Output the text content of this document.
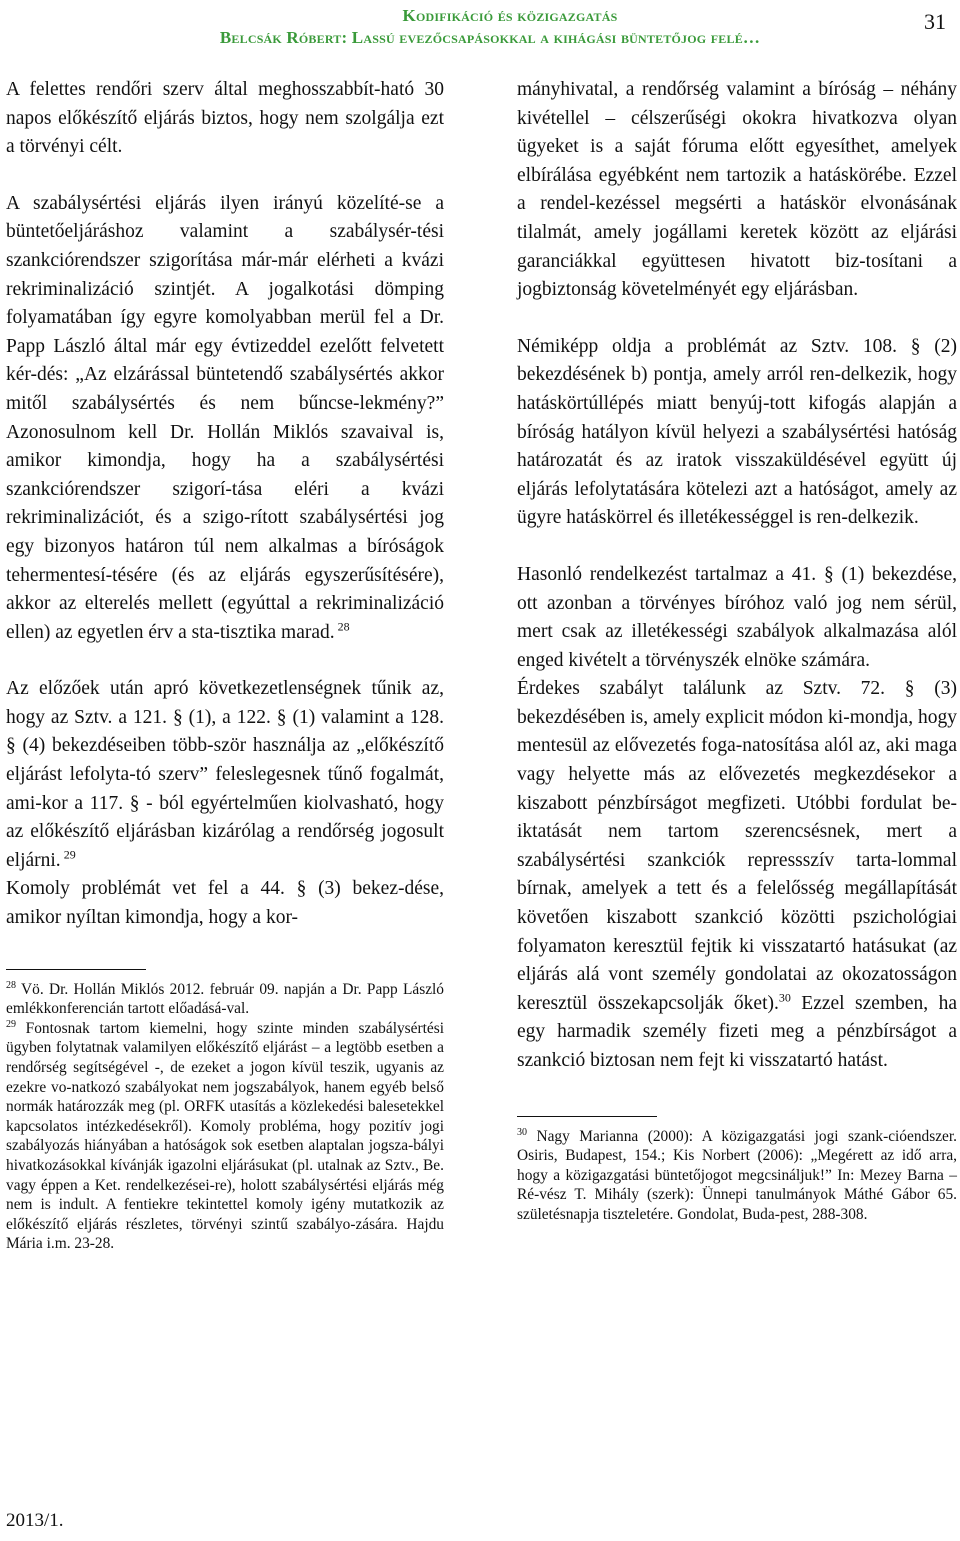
Kodifikáció és közigazgatás
Belcsák Róbert: Lassú evezőcsapásokkal a kihágási büntetőjog felé…
31

A felettes rendőri szerv által meghosszabbít-ható 30 napos előkészítő eljárás biztos, hogy nem szolgálja ezt a törvényi célt.

A szabálysértési eljárás ilyen irányú közelíté-se a büntetőeljáráshoz valamint a szabálysér-tési szankciórendszer szigorítása már-már elérheti a kvázi rekriminalizáció szintjét. A jogalkotási dömping folyamatában így egyre komolyabban merül fel a Dr. Papp László által már egy évtizeddel ezelőtt felvetett kér-dés: „Az elzárással büntetendő szabálysértés akkor mitől szabálysértés és nem bűncse-lekmény?” Azonosulnom kell Dr. Hollán Miklós szavaival is, amikor kimondja, hogy ha a szabálysértési szankciórendszer szigorí-tása eléri a kvázi rekriminalizációt, és a szigo-rított szabálysértési jog egy bizonyos határon túl nem alkalmas a bíróságok tehermentesí-tésére (és az eljárás egyszerűsítésére), akkor az elterelés mellett (egyúttal a rekriminalizáció ellen) az egyetlen érv a sta-tisztika marad. $^{28}$

Az előzőek után apró következetlenségnek tűnik az, hogy az Sztv. a 121. § (1), a 122. § (1) valamint a 128. § (4) bekezdéseiben több-ször használja az „előkészítő eljárást lefolyta-tó szerv” feleslegesnek tűnő fogalmát, ami-kor a 117. § - ból egyértelműen kiolvasható, hogy az előkészítő eljárásban kizárólag a rendőrség jogosult eljárni. $^{29}$

Komoly problémát vet fel a 44. § (3) bekez-dése, amikor nyíltan kimondja, hogy a kor-

$^{28}$ Vö. Dr. Hollán Miklós 2012. február 09. napján a Dr. Papp László emlékkonferencián tartott előadásá-val.

$^{29}$ Fontosnak tartom kiemelni, hogy szinte minden szabálysértési ügyben folytatnak valamilyen előkészítő eljárást – a legtöbb esetben a rendőrség segítségével -, de ezeket a jogon kívül teszik, ugyanis az ezekre vo-natkozó szabályokat nem jogszabályok, hanem egyéb belső normák határozzák meg (pl. ORFK utasítás a közlekedési balesetekkel kapcsolatos intézkedésekről). Komoly probléma, hogy pozitív jogi szabályozás hiányában a hatóságok sok esetben alaptalan jogsza-bályi hivatkozásokkal kívánják igazolni eljárásukat (pl. utalnak az Sztv., Be. vagy éppen a Ket. rendelkezései-re), holott szabálysértési eljárás még nem is indult. A fentiekre tekintettel komoly igény mutatkozik az előkészítő eljárás részletes, törvényi szintű szabályo-zására. Hajdu Mária i.m. 23-28.

2013/1.

mányhivatal, a rendőrség valamint a bíróság – néhány kivétellel – célszerűségi okokra hivatkozva olyan ügyeket is a saját fóruma előtt egyesíthet, amelyek elbírálása egyébként nem tartozik a hatáskörébe. Ezzel a rendel-kezéssel megsérti a hatáskör elvonásának tilalmát, amely jogállami keretek között az eljárási garanciákkal együttesen hivatott biz-tosítani a jogbiztonság követelményét egy eljárásban.

Némiképp oldja a problémát az Sztv. 108. § (2) bekezdésének b) pontja, amely arról ren-delkezik, hogy hatáskörtúllépés miatt benyúj-tott kifogás alapján a bíróság hatályon kívül helyezi a szabálysértési hatóság határozatát és az iratok visszaküldésével együtt új eljárás lefolytatására kötelezi azt a hatóságot, amely az ügyre hatáskörrel és illetékességgel is ren-delkezik.

Hasonló rendelkezést tartalmaz a 41. § (1) bekezdése, ott azonban a törvényes bíróhoz való jog nem sérül, mert csak az illetékességi szabályok alkalmazása alól enged kivételt a törvényszék elnöke számára.

Érdekes szabályt találunk az Sztv. 72. § (3) bekezdésében is, amely explicit módon ki-mondja, hogy mentesül az elővezetés foga-natosítása alól az, aki maga vagy helyette más az elővezetés megkezdésekor a kiszabott pénzbírságot megfizeti. Utóbbi fordulat be-iktatását nem tartom szerencsésnek, mert a szabálysértési szankciók repressszív tarta-lommal bírnak, amelyek a tett és a felelősség megállapítását követően kiszabott szankció közötti pszichológiai folyamaton keresztül fejtik ki visszatartó hatásukat (az eljárás alá vont személy gondolatai az okozatosságon keresztül összekapcsolják őket).$^{30}$ Ezzel szemben, ha egy harmadik személy fizeti meg a pénzbírságot a szankció biztosan nem fejt ki visszatartó hatást.

$^{30}$ Nagy Marianna (2000): A közigazgatási jogi szank-cióendszer. Osiris, Budapest, 154.; Kis Norbert (2006): „Megérett az idő arra, hogy a közigazgatási büntetőjogot megcsináljuk!” In: Mezey Barna – Ré-vész T. Mihály (szerk): Ünnepi tanulmányok Máthé Gábor 65. születésnapja tiszteletére. Gondolat, Buda-pest, 288-308.
